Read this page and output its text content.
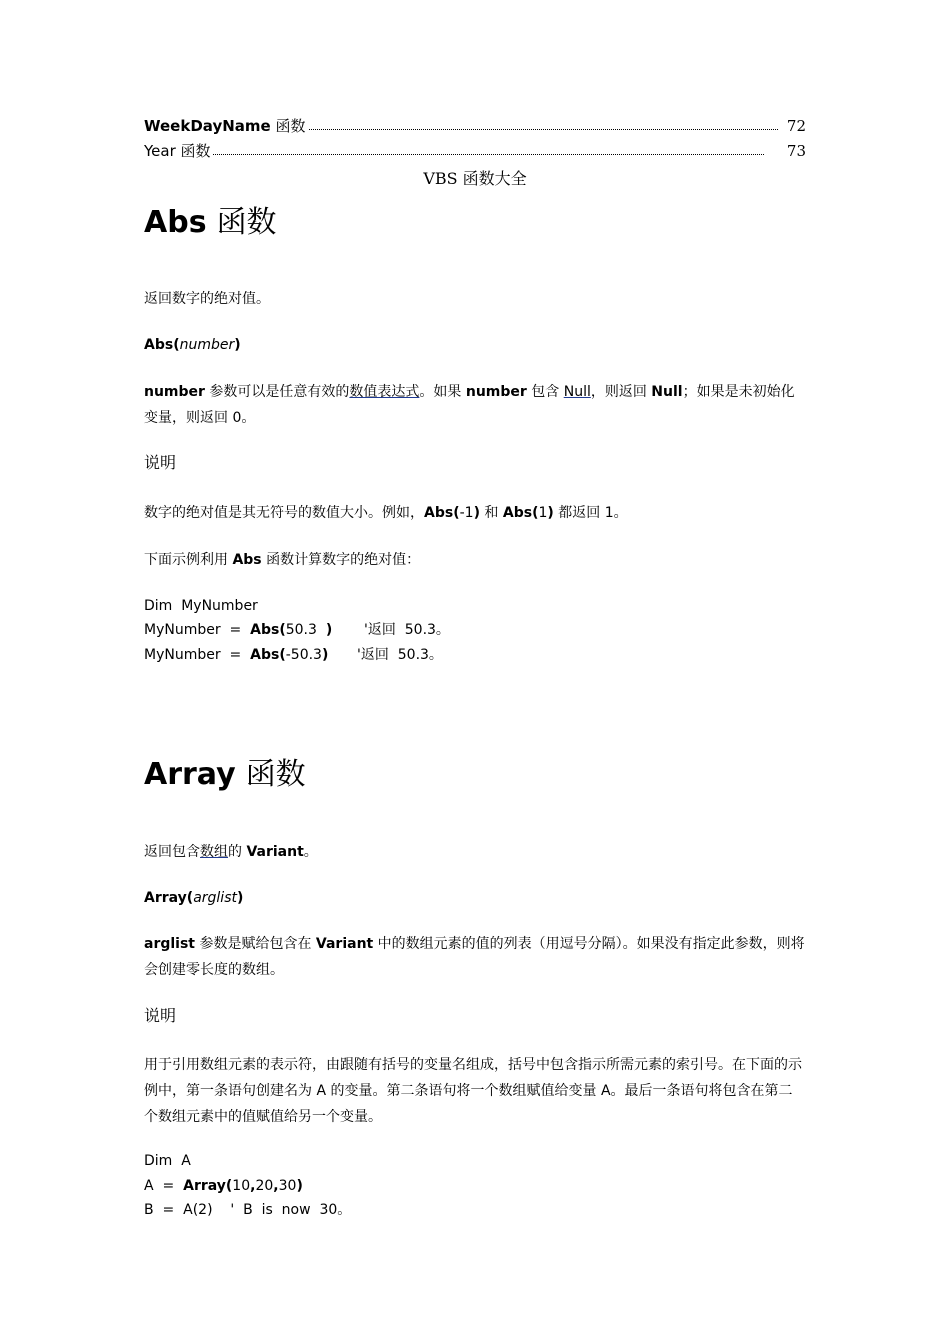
WeekDayName 函数	72
Year 函数	73
VBS 函数大全
Abs 函数
返回数字的绝对值。
Abs(number)
number 参数可以是任意有效的数值表达式。如果 number 包含 Null，则返回 Null；如果是未初始化变量，则返回 0。
说明
数字的绝对值是其无符号的数值大小。例如，Abs(-1) 和 Abs(1) 都返回 1。
下面示例利用 Abs 函数计算数字的绝对值：
Dim  MyNumber
MyNumber  =  Abs(50.3  ) '返回  50.3。
MyNumber  =  Abs(-50.3) '返回  50.3。
Array 函数
返回包含数组的 Variant。
Array(arglist)
arglist 参数是赋给包含在 Variant 中的数组元素的值的列表（用逗号分隔）。如果没有指定此参数，则将会创建零长度的数组。
说明
用于引用数组元素的表示符，由跟随有括号的变量名组成，括号中包含指示所需元素的索引号。在下面的示例中，第一条语句创建名为 A 的变量。第二条语句将一个数组赋值给变量 A。最后一条语句将包含在第二个数组元素中的值赋值给另一个变量。
Dim  A
A  =  Array(10,20,30)
B  =  A(2)    '  B  is  now  30。
